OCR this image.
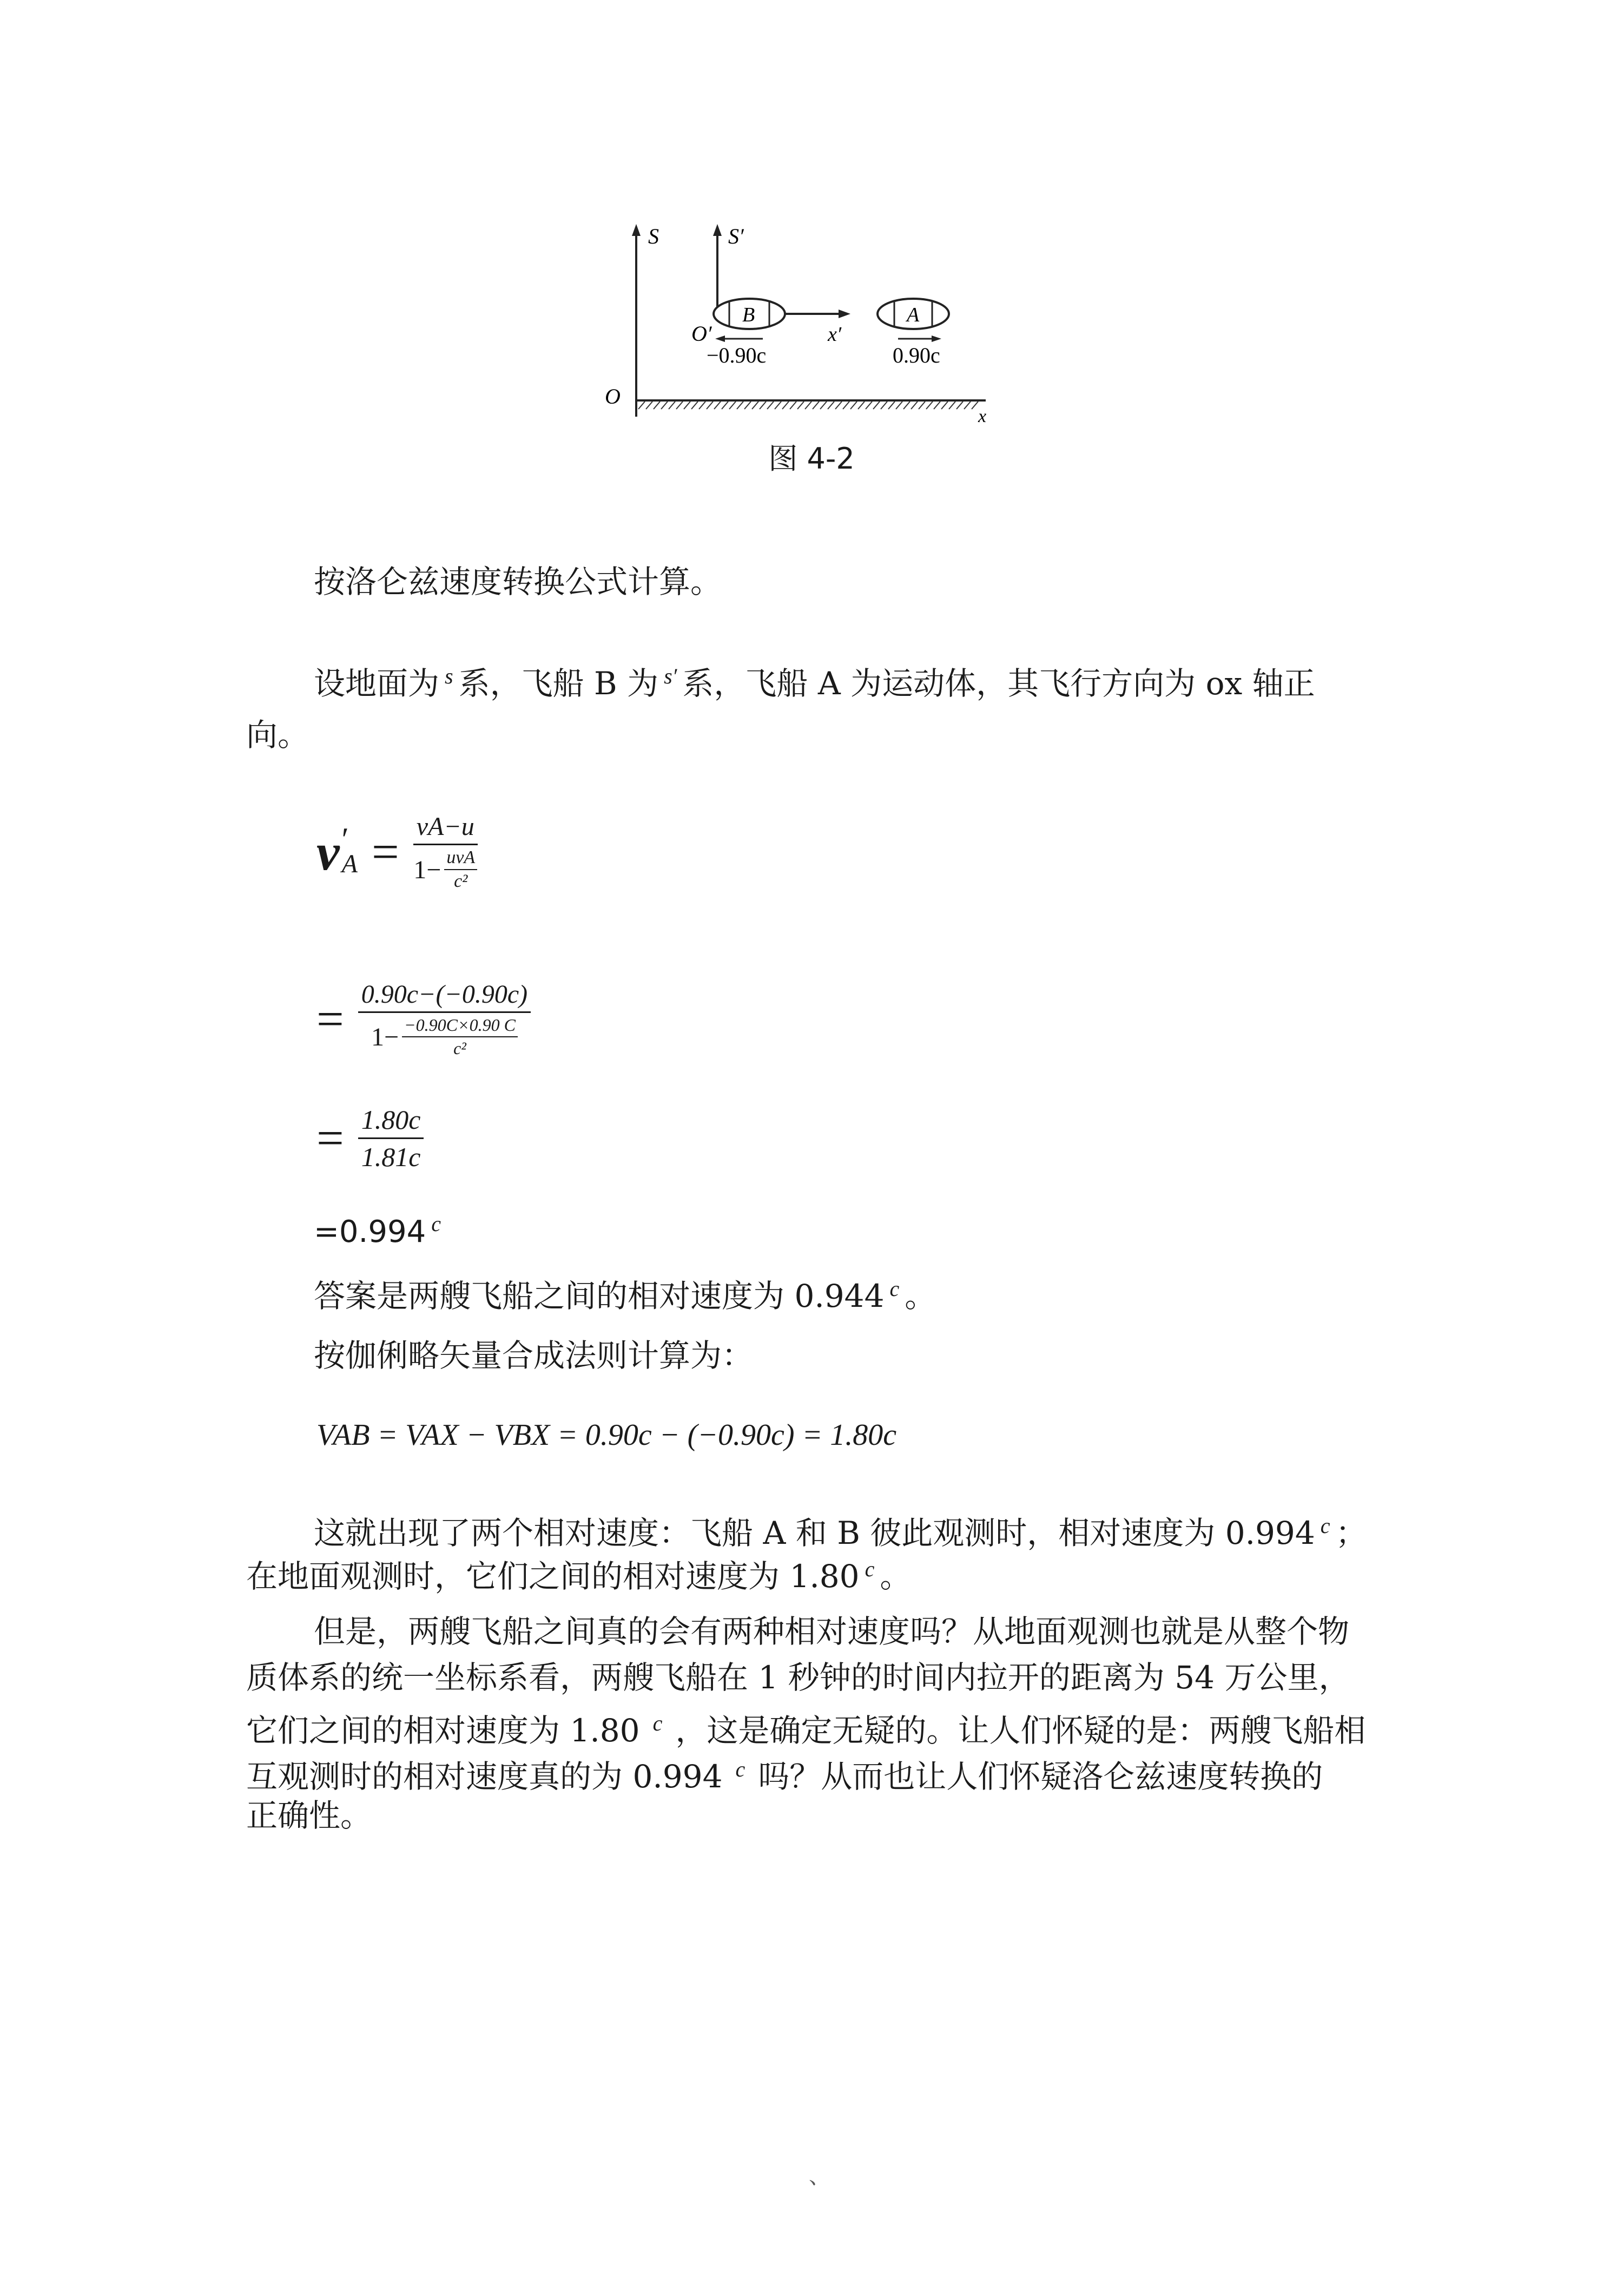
S	S′
x′
O′
B
−0.90c
A
0.90c
O
x
图 4-2
按洛仑兹速度转换公式计算。
设地面为 $^s$ 系，飞船 B 为 $^{s'}$ 系，飞船 A 为运动体，其飞行方向为 ox 轴正
向。
v ′
A = vA−u
1− uvA
c²
= $\frac{0.90c-(-0.90c)}{1- \frac{-0.90C\times 0.90 C}{\text{c²}}}$
= $\frac{1.80c}{1.81c}$
=0.994 $^c$
答案是两艘飞船之间的相对速度为 0.944 $^c$ 。
按伽俐略矢量合成法则计算为：
VAB = VAX − VBX = 0.90c − (−0.90c) = 1.80c
这就出现了两个相对速度：飞船 A 和 B 彼此观测时，相对速度为 0.994 $^c$ ；
在地面观测时，它们之间的相对速度为 1.80 $^c$ 。
但是，两艘飞船之间真的会有两种相对速度吗？从地面观测也就是从整个物
质体系的统一坐标系看，两艘飞船在 1 秒钟的时间内拉开的距离为 54 万公里，
它们之间的相对速度为 1.80 $^c$ ，这是确定无疑的。让人们怀疑的是：两艘飞船相
互观测时的相对速度真的为 0.994 $^c$ 吗？从而也让人们怀疑洛仑兹速度转换的
正确性。
、
